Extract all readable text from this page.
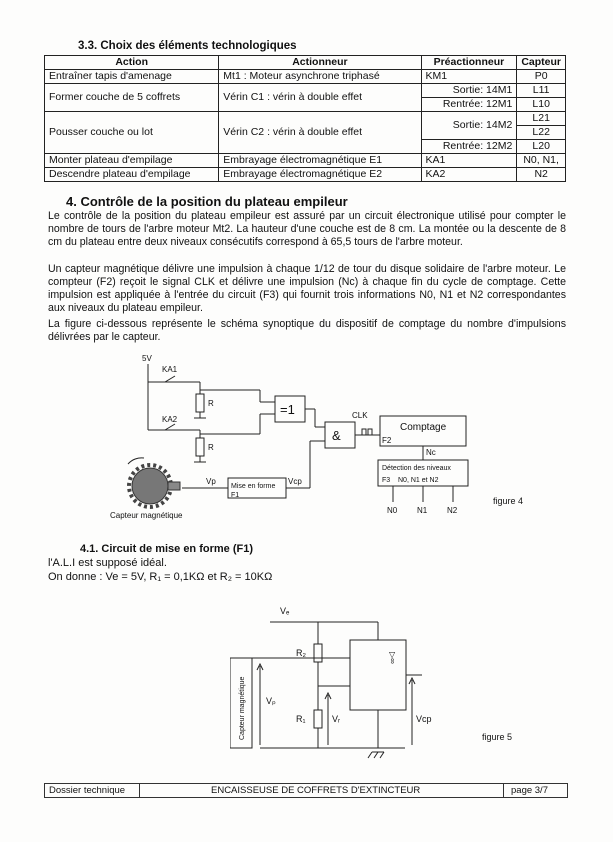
3.3. Choix des éléments technologiques
Action	Actionneur	Préactionneur	Capteur
Entraîner tapis d'amenage	Mt1 : Moteur asynchrone triphasé	KM1	P0
Former couche de 5 coffrets	Vérin C1 : vérin à double effet	Sortie: 14M1	L11
		Rentrée: 12M1	L10
Pousser couche ou lot	Vérin C2 : vérin à double effet	Sortie: 14M2	L21
			L22
		Rentrée: 12M2	L20
Monter plateau d'empilage	Embrayage électromagnétique E1	KA1	N0, N1,
Descendre plateau d'empilage	Embrayage électromagnétique E2	KA2	N2
4. Contrôle de la position du plateau empileur
Le contrôle de la position du plateau empileur est assuré par un circuit électronique utilisé pour compter le nombre de tours de l'arbre moteur Mt2. La hauteur d'une couche est de 8 cm. La montée ou la descente de 8 cm du plateau entre deux niveaux consécutifs correspond à 65,5 tours de l'arbre moteur.
Un capteur magnétique délivre une impulsion à chaque 1/12 de tour du disque solidaire de l'arbre moteur. Le compteur (F2) reçoit le signal CLK et délivre une impulsion (Nc) à chaque fin du cycle de comptage. Cette impulsion est appliquée à l'entrée du circuit (F3) qui fournit trois informations N0, N1 et N2 correspondantes aux niveaux du plateau empileur.
La figure ci-dessous représente le schéma synoptique du dispositif de comptage du nombre d'impulsions délivrées par le capteur.
5V
KA1
KA2
R
R
=1
&
CLK
Comptage
F2
Nc
Détection des niveaux
F3 N0, N1 et N2
Mise en forme
F1
Vp	Vcp
Capteur magnétique
N0 N1 N2
figure 4
4.1. Circuit de mise en forme (F1)
l'A.L.I est supposé idéal.
On donne : Ve = 5V, R₁ = 0,1KΩ et R₂ = 10KΩ
Vₑ
R₂
R₁
Vₚ
Vᵣ	Vcp
▷∞
Capteur magnétique	figure 5
Dossier technique	ENCAISSEUSE DE COFFRETS D'EXTINCTEUR	page 3/7
